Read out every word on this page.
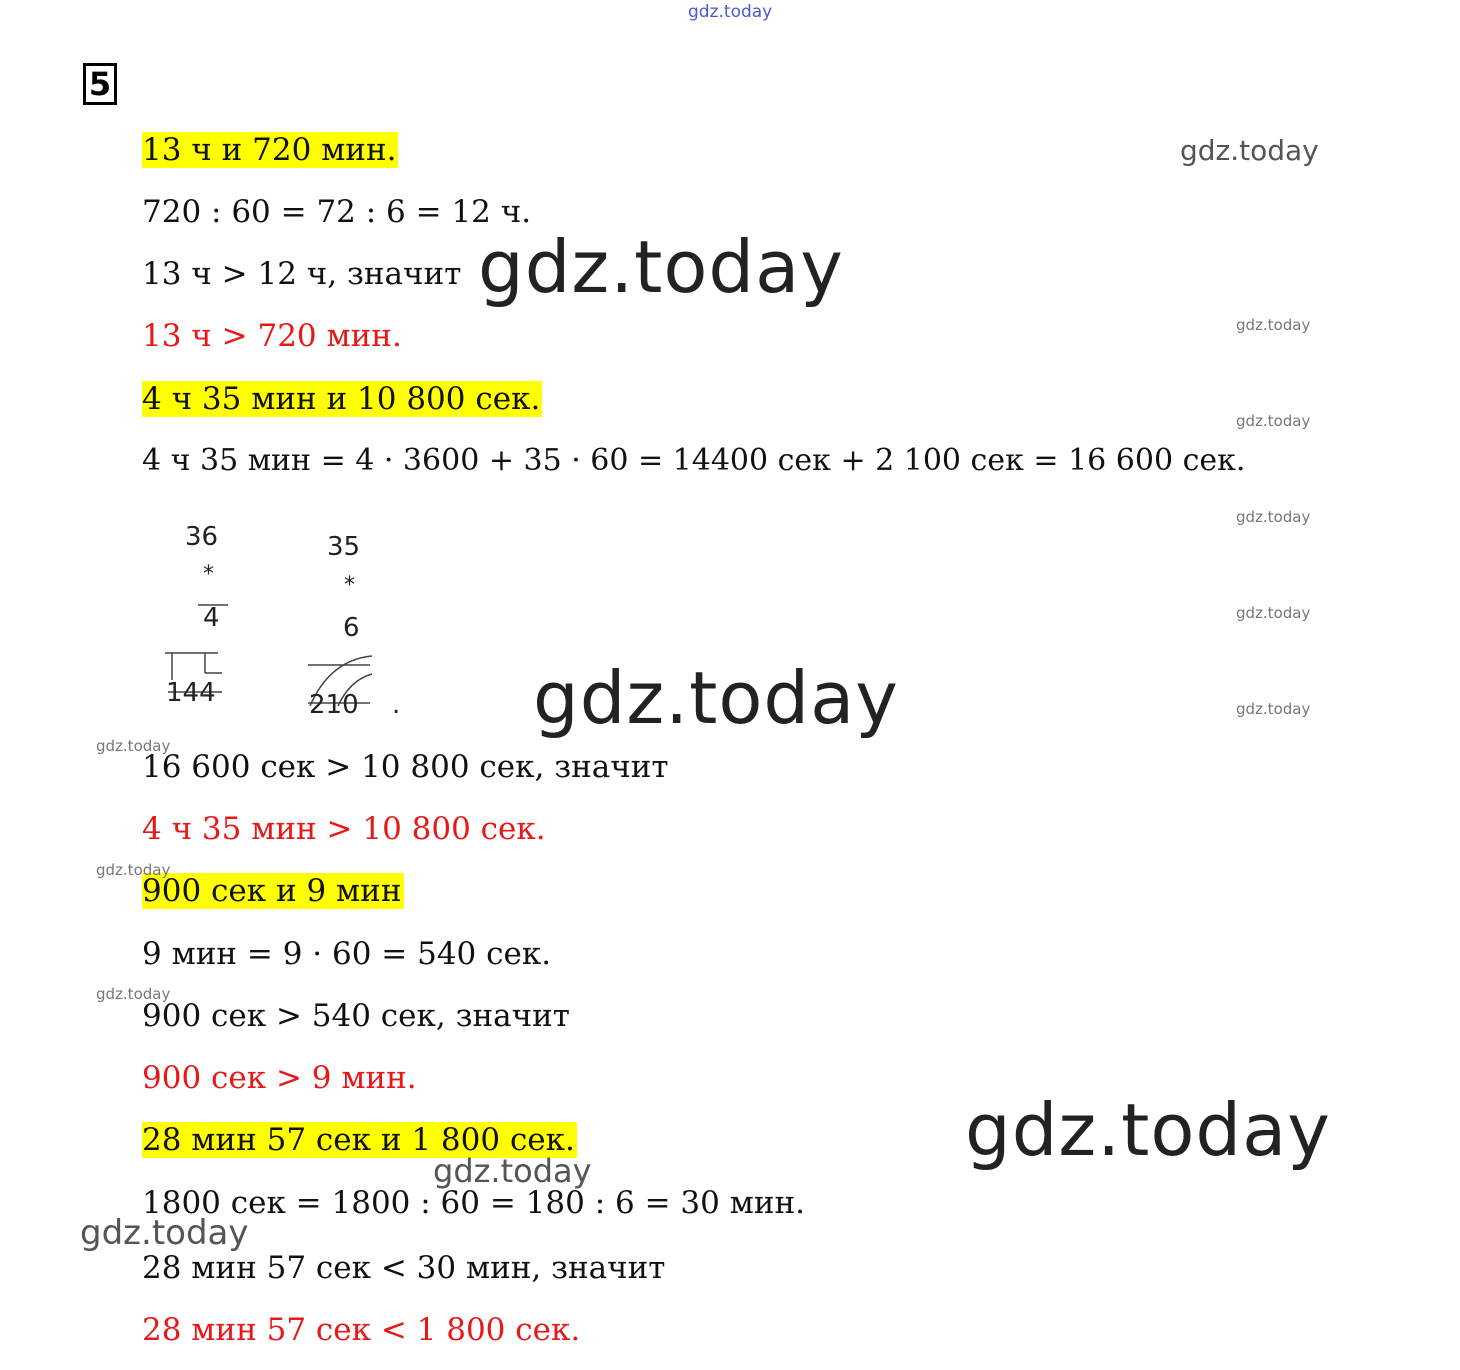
gdz.today
5
13 ч и 720 мин.
720 : 60 = 72 : 6 = 12 ч.
13 ч > 12 ч, значит
13 ч > 720 мин.
4 ч 35 мин и 10 800 сек.
4 ч 35 мин = 4 · 3600 + 35 · 60 = 14400 сек + 2 100 сек = 16 600 сек.
36
*
4
144
35
*
6
210 .
16 600 сек > 10 800 сек, значит
4 ч 35 мин > 10 800 сек.
900 сек и 9 мин
9 мин = 9 · 60 = 540 сек.
900 сек > 540 сек, значит
900 сек > 9 мин.
28 мин 57 сек и 1 800 сек.
1800 сек = 1800 : 60 = 180 : 6 = 30 мин.
28 мин 57 сек < 30 мин, значит
28 мин 57 сек < 1 800 сек.
gdz.today
gdz.today
gdz.today
gdz.today
gdz.today
gdz.today
gdz.today
gdz.today
gdz.today
gdz.today
gdz.today
gdz.today
gdz.today
gdz.today
